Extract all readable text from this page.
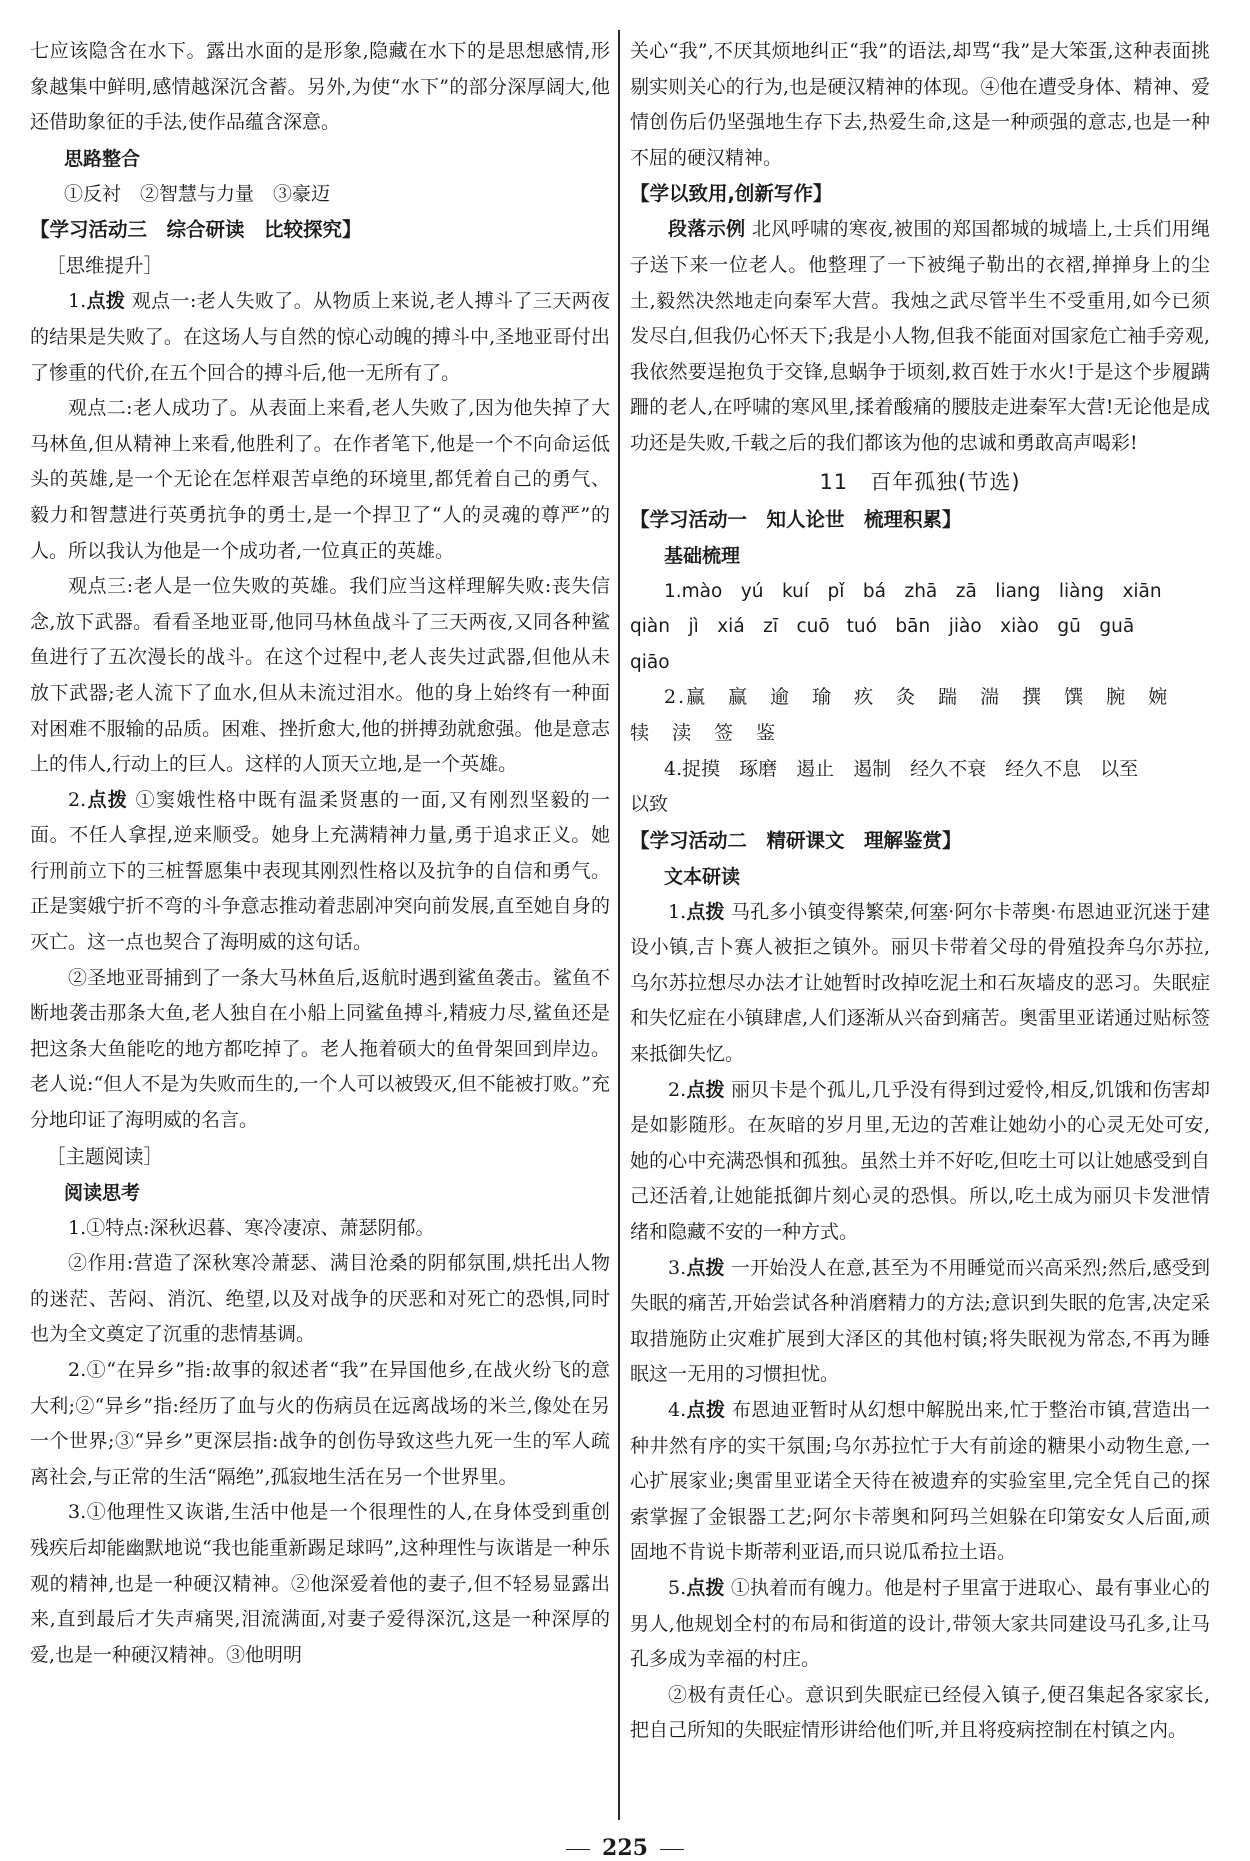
七应该隐含在水下。露出水面的是形象,隐藏在水下的是思想感情,形象越集中鲜明,感情越深沉含蓄。另外,为使“水下”的部分深厚阔大,他还借助象征的手法,使作品蕴含深意。

思路整合

①反衬　②智慧与力量　③豪迈

【学习活动三　综合研读　比较探究】

［思维提升］

1.点拨 观点一:老人失败了。从物质上来说,老人搏斗了三天两夜的结果是失败了。在这场人与自然的惊心动魄的搏斗中,圣地亚哥付出了惨重的代价,在五个回合的搏斗后,他一无所有了。

观点二:老人成功了。从表面上来看,老人失败了,因为他失掉了大马林鱼,但从精神上来看,他胜利了。在作者笔下,他是一个不向命运低头的英雄,是一个无论在怎样艰苦卓绝的环境里,都凭着自己的勇气、毅力和智慧进行英勇抗争的勇士,是一个捍卫了“人的灵魂的尊严”的人。所以我认为他是一个成功者,一位真正的英雄。

观点三:老人是一位失败的英雄。我们应当这样理解失败:丧失信念,放下武器。看看圣地亚哥,他同马林鱼战斗了三天两夜,又同各种鲨鱼进行了五次漫长的战斗。在这个过程中,老人丧失过武器,但他从未放下武器;老人流下了血水,但从未流过泪水。他的身上始终有一种面对困难不服输的品质。困难、挫折愈大,他的拼搏劲就愈强。他是意志上的伟人,行动上的巨人。这样的人顶天立地,是一个英雄。

2.点拨 ①窦娥性格中既有温柔贤惠的一面,又有刚烈坚毅的一面。不任人拿捏,逆来顺受。她身上充满精神力量,勇于追求正义。她行刑前立下的三桩誓愿集中表现其刚烈性格以及抗争的自信和勇气。正是窦娥宁折不弯的斗争意志推动着悲剧冲突向前发展,直至她自身的灭亡。这一点也契合了海明威的这句话。

②圣地亚哥捕到了一条大马林鱼后,返航时遇到鲨鱼袭击。鲨鱼不断地袭击那条大鱼,老人独自在小船上同鲨鱼搏斗,精疲力尽,鲨鱼还是把这条大鱼能吃的地方都吃掉了。老人拖着硕大的鱼骨架回到岸边。老人说:“但人不是为失败而生的,一个人可以被毁灭,但不能被打败。”充分地印证了海明威的名言。

［主题阅读］

阅读思考

1.①特点:深秋迟暮、寒冷凄凉、萧瑟阴郁。

②作用:营造了深秋寒冷萧瑟、满目沧桑的阴郁氛围,烘托出人物的迷茫、苦闷、消沉、绝望,以及对战争的厌恶和对死亡的恐惧,同时也为全文奠定了沉重的悲情基调。

2.①“在异乡”指:故事的叙述者“我”在异国他乡,在战火纷飞的意大利;②“异乡”指:经历了血与火的伤病员在远离战场的米兰,像处在另一个世界;③“异乡”更深层指:战争的创伤导致这些九死一生的军人疏离社会,与正常的生活“隔绝”,孤寂地生活在另一个世界里。

3.①他理性又诙谐,生活中他是一个很理性的人,在身体受到重创残疾后却能幽默地说“我也能重新踢足球吗”,这种理性与诙谐是一种乐观的精神,也是一种硬汉精神。②他深爱着他的妻子,但不轻易显露出来,直到最后才失声痛哭,泪流满面,对妻子爱得深沉,这是一种深厚的爱,也是一种硬汉精神。③他明明

关心“我”,不厌其烦地纠正“我”的语法,却骂“我”是大笨蛋,这种表面挑剔实则关心的行为,也是硬汉精神的体现。④他在遭受身体、精神、爱情创伤后仍坚强地生存下去,热爱生命,这是一种顽强的意志,也是一种不屈的硬汉精神。

【学以致用,创新写作】

段落示例 北风呼啸的寒夜,被围的郑国都城的城墙上,士兵们用绳子送下来一位老人。他整理了一下被绳子勒出的衣褶,掸掸身上的尘土,毅然决然地走向秦军大营。我烛之武尽管半生不受重用,如今已须发尽白,但我仍心怀天下;我是小人物,但我不能面对国家危亡袖手旁观,我依然要逞抱负于交锋,息蜗争于顷刻,救百姓于水火!于是这个步履蹒跚的老人,在呼啸的寒风里,揉着酸痛的腰肢走进秦军大营!无论他是成功还是失败,千载之后的我们都该为他的忠诚和勇敢高声喝彩!

11　百年孤独(节选)

【学习活动一　知人论世　梳理积累】

基础梳理

1.mào　yú　kuí　pǐ　bá　zhā　zā　liang　liàng　xiān

qiàn　jì　xiá　zī　cuō tuó　bān　jiào　xiào　gū　guā

qiāo

2.赢　赢　逾　瑜　疚　灸　踹　湍　撰　馔　腕　婉

犊　渎　签　鉴

4.捉摸　琢磨　遏止　遏制　经久不衰　经久不息　以至

以致

【学习活动二　精研课文　理解鉴赏】

文本研读

1.点拨 马孔多小镇变得繁荣,何塞·阿尔卡蒂奥·布恩迪亚沉迷于建设小镇,吉卜赛人被拒之镇外。丽贝卡带着父母的骨殖投奔乌尔苏拉,乌尔苏拉想尽办法才让她暂时改掉吃泥土和石灰墙皮的恶习。失眠症和失忆症在小镇肆虐,人们逐渐从兴奋到痛苦。奥雷里亚诺通过贴标签来抵御失忆。

2.点拨 丽贝卡是个孤儿,几乎没有得到过爱怜,相反,饥饿和伤害却是如影随形。在灰暗的岁月里,无边的苦难让她幼小的心灵无处可安,她的心中充满恐惧和孤独。虽然土并不好吃,但吃土可以让她感受到自己还活着,让她能抵御片刻心灵的恐惧。所以,吃土成为丽贝卡发泄情绪和隐藏不安的一种方式。

3.点拨 一开始没人在意,甚至为不用睡觉而兴高采烈;然后,感受到失眠的痛苦,开始尝试各种消磨精力的方法;意识到失眠的危害,决定采取措施防止灾难扩展到大泽区的其他村镇;将失眠视为常态,不再为睡眠这一无用的习惯担忧。

4.点拨 布恩迪亚暂时从幻想中解脱出来,忙于整治市镇,营造出一种井然有序的实干氛围;乌尔苏拉忙于大有前途的糖果小动物生意,一心扩展家业;奥雷里亚诺全天待在被遗弃的实验室里,完全凭自己的探索掌握了金银器工艺;阿尔卡蒂奥和阿玛兰妲躲在印第安女人后面,顽固地不肯说卡斯蒂利亚语,而只说瓜希拉土语。

5.点拨 ①执着而有魄力。他是村子里富于进取心、最有事业心的男人,他规划全村的布局和街道的设计,带领大家共同建设马孔多,让马孔多成为幸福的村庄。

②极有责任心。意识到失眠症已经侵入镇子,便召集起各家家长,把自己所知的失眠症情形讲给他们听,并且将疫病控制在村镇之内。

225
